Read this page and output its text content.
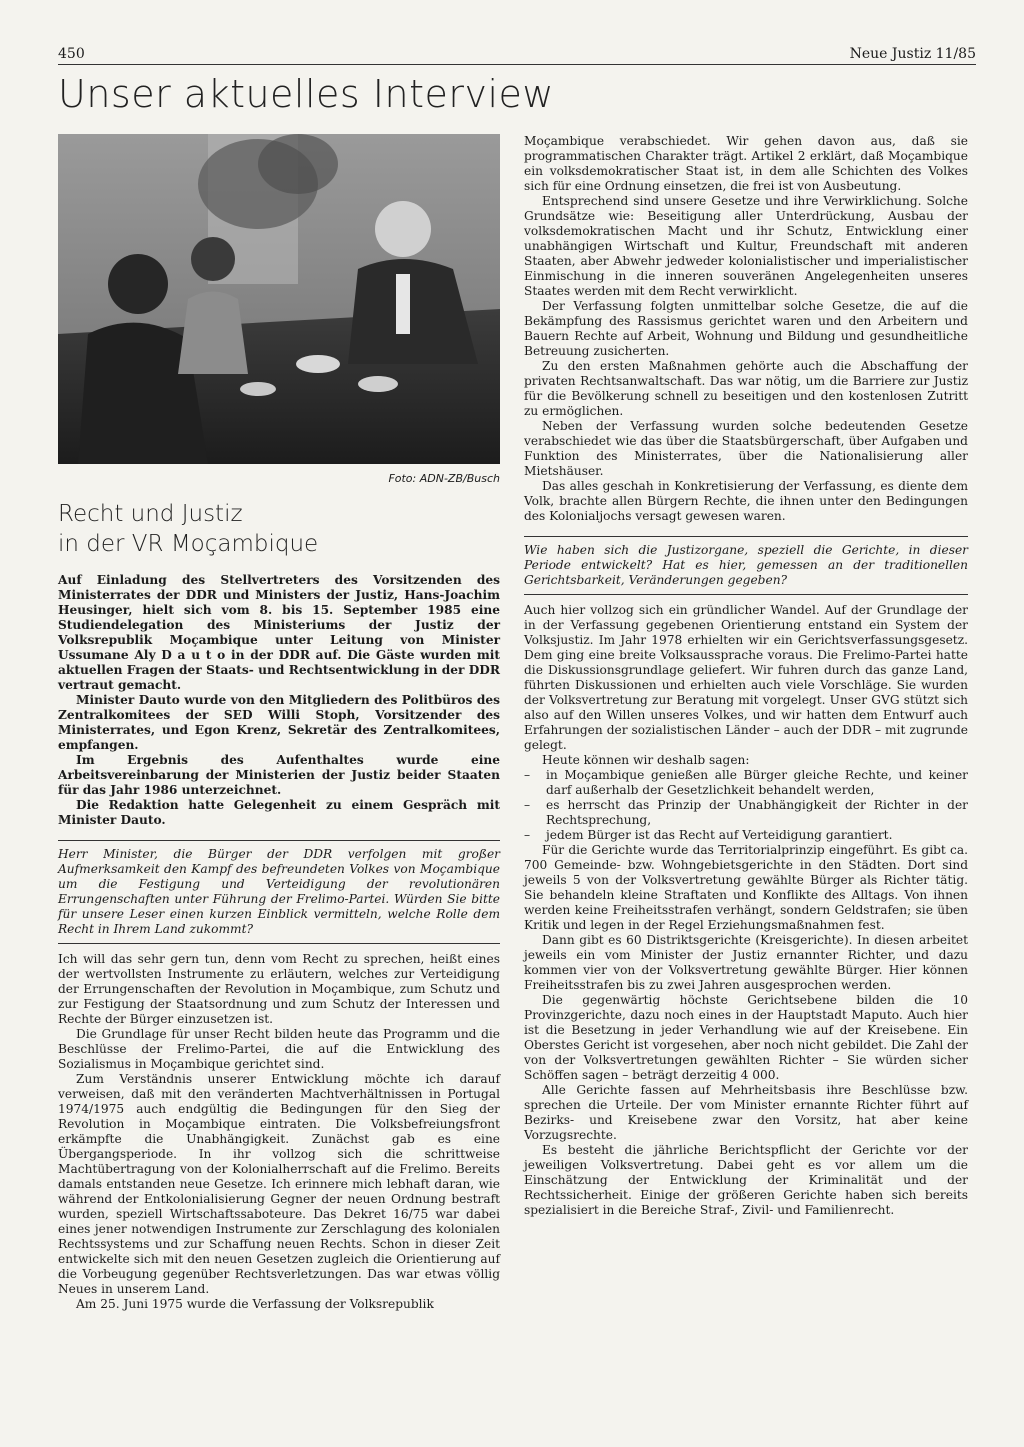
450	Neue Justiz 11/85
Unser aktuelles Interview
Foto: ADN-ZB/Busch
Recht und Justiz
in der VR Moçambique

Auf Einladung des Stellvertreters des Vorsitzenden des Ministerrates der DDR und Ministers der Justiz, Hans-Joachim Heusinger, hielt sich vom 8. bis 15. September 1985 eine Studiendelegation des Ministeriums der Justiz der Volksrepublik Moçambique unter Leitung von Minister Ussumane Aly D a u t o in der DDR auf. Die Gäste wurden mit aktuellen Fragen der Staats- und Rechtsentwicklung in der DDR vertraut gemacht.

Minister Dauto wurde von den Mitgliedern des Politbüros des Zentralkomitees der SED Willi Stoph, Vorsitzender des Ministerrates, und Egon Krenz, Sekretär des Zentralkomitees, empfangen.

Im Ergebnis des Aufenthaltes wurde eine Arbeitsvereinbarung der Ministerien der Justiz beider Staaten für das Jahr 1986 unterzeichnet.

Die Redaktion hatte Gelegenheit zu einem Gespräch mit Minister Dauto.

Herr Minister, die Bürger der DDR verfolgen mit großer Aufmerksamkeit den Kampf des befreundeten Volkes von Moçambique um die Festigung und Verteidigung der revolutionären Errungenschaften unter Führung der Frelimo-Partei. Würden Sie bitte für unsere Leser einen kurzen Einblick vermitteln, welche Rolle dem Recht in Ihrem Land zukommt?

Ich will das sehr gern tun, denn vom Recht zu sprechen, heißt eines der wertvollsten Instrumente zu erläutern, welches zur Verteidigung der Errungenschaften der Revolution in Moçambique, zum Schutz und zur Festigung der Staatsordnung und zum Schutz der Interessen und Rechte der Bürger einzusetzen ist.

Die Grundlage für unser Recht bilden heute das Programm und die Beschlüsse der Frelimo-Partei, die auf die Entwicklung des Sozialismus in Moçambique gerichtet sind.

Zum Verständnis unserer Entwicklung möchte ich darauf verweisen, daß mit den veränderten Machtverhältnissen in Portugal 1974/1975 auch endgültig die Bedingungen für den Sieg der Revolution in Moçambique eintraten. Die Volksbefreiungsfront erkämpfte die Unabhängigkeit. Zunächst gab es eine Übergangsperiode. In ihr vollzog sich die schrittweise Machtübertragung von der Kolonialherrschaft auf die Frelimo. Bereits damals entstanden neue Gesetze. Ich erinnere mich lebhaft daran, wie während der Entkolonialisierung Gegner der neuen Ordnung bestraft wurden, speziell Wirtschaftssaboteure. Das Dekret 16/75 war dabei eines jener notwendigen Instrumente zur Zerschlagung des kolonialen Rechtssystems und zur Schaffung neuen Rechts. Schon in dieser Zeit entwickelte sich mit den neuen Gesetzen zugleich die Orientierung auf die Vorbeugung gegenüber Rechtsverletzungen. Das war etwas völlig Neues in unserem Land.

Am 25. Juni 1975 wurde die Verfassung der Volksrepublik

Moçambique verabschiedet. Wir gehen davon aus, daß sie programmatischen Charakter trägt. Artikel 2 erklärt, daß Moçambique ein volksdemokratischer Staat ist, in dem alle Schichten des Volkes sich für eine Ordnung einsetzen, die frei ist von Ausbeutung.

Entsprechend sind unsere Gesetze und ihre Verwirklichung. Solche Grundsätze wie: Beseitigung aller Unterdrückung, Ausbau der volksdemokratischen Macht und ihr Schutz, Entwicklung einer unabhängigen Wirtschaft und Kultur, Freundschaft mit anderen Staaten, aber Abwehr jedweder kolonialistischer und imperialistischer Einmischung in die inneren souveränen Angelegenheiten unseres Staates werden mit dem Recht verwirklicht.

Der Verfassung folgten unmittelbar solche Gesetze, die auf die Bekämpfung des Rassismus gerichtet waren und den Arbeitern und Bauern Rechte auf Arbeit, Wohnung und Bildung und gesundheitliche Betreuung zusicherten.

Zu den ersten Maßnahmen gehörte auch die Abschaffung der privaten Rechtsanwaltschaft. Das war nötig, um die Barriere zur Justiz für die Bevölkerung schnell zu beseitigen und den kostenlosen Zutritt zu ermöglichen.

Neben der Verfassung wurden solche bedeutenden Gesetze verabschiedet wie das über die Staatsbürgerschaft, über Aufgaben und Funktion des Ministerrates, über die Nationalisierung aller Mietshäuser.

Das alles geschah in Konkretisierung der Verfassung, es diente dem Volk, brachte allen Bürgern Rechte, die ihnen unter den Bedingungen des Kolonialjochs versagt gewesen waren.

Wie haben sich die Justizorgane, speziell die Gerichte, in dieser Periode entwickelt? Hat es hier, gemessen an der traditionellen Gerichtsbarkeit, Veränderungen gegeben?

Auch hier vollzog sich ein gründlicher Wandel. Auf der Grundlage der in der Verfassung gegebenen Orientierung entstand ein System der Volksjustiz. Im Jahr 1978 erhielten wir ein Gerichtsverfassungsgesetz. Dem ging eine breite Volksaussprache voraus. Die Frelimo-Partei hatte die Diskussionsgrundlage geliefert. Wir fuhren durch das ganze Land, führten Diskussionen und erhielten auch viele Vorschläge. Sie wurden der Volksvertretung zur Beratung mit vorgelegt. Unser GVG stützt sich also auf den Willen unseres Volkes, und wir hatten dem Entwurf auch Erfahrungen der sozialistischen Länder – auch der DDR – mit zugrunde gelegt.

Heute können wir deshalb sagen:

– in Moçambique genießen alle Bürger gleiche Rechte, und keiner darf außerhalb der Gesetzlichkeit behandelt werden,
– es herrscht das Prinzip der Unabhängigkeit der Richter in der Rechtsprechung,
– jedem Bürger ist das Recht auf Verteidigung garantiert.

Für die Gerichte wurde das Territorialprinzip eingeführt. Es gibt ca. 700 Gemeinde- bzw. Wohngebietsgerichte in den Städten. Dort sind jeweils 5 von der Volksvertretung gewählte Bürger als Richter tätig. Sie behandeln kleine Straftaten und Konflikte des Alltags. Von ihnen werden keine Freiheitsstrafen verhängt, sondern Geldstrafen; sie üben Kritik und legen in der Regel Erziehungsmaßnahmen fest.

Dann gibt es 60 Distriktsgerichte (Kreisgerichte). In diesen arbeitet jeweils ein vom Minister der Justiz ernannter Richter, und dazu kommen vier von der Volksvertretung gewählte Bürger. Hier können Freiheitsstrafen bis zu zwei Jahren ausgesprochen werden.

Die gegenwärtig höchste Gerichtsebene bilden die 10 Provinzgerichte, dazu noch eines in der Hauptstadt Maputo. Auch hier ist die Besetzung in jeder Verhandlung wie auf der Kreisebene. Ein Oberstes Gericht ist vorgesehen, aber noch nicht gebildet. Die Zahl der von der Volksvertretungen gewählten Richter – Sie würden sicher Schöffen sagen – beträgt derzeitig 4 000.

Alle Gerichte fassen auf Mehrheitsbasis ihre Beschlüsse bzw. sprechen die Urteile. Der vom Minister ernannte Richter führt auf Bezirks- und Kreisebene zwar den Vorsitz, hat aber keine Vorzugsrechte.

Es besteht die jährliche Berichtspflicht der Gerichte vor der jeweiligen Volksvertretung. Dabei geht es vor allem um die Einschätzung der Entwicklung der Kriminalität und der Rechtssicherheit. Einige der größeren Gerichte haben sich bereits spezialisiert in die Bereiche Straf-, Zivil- und Familienrecht.
